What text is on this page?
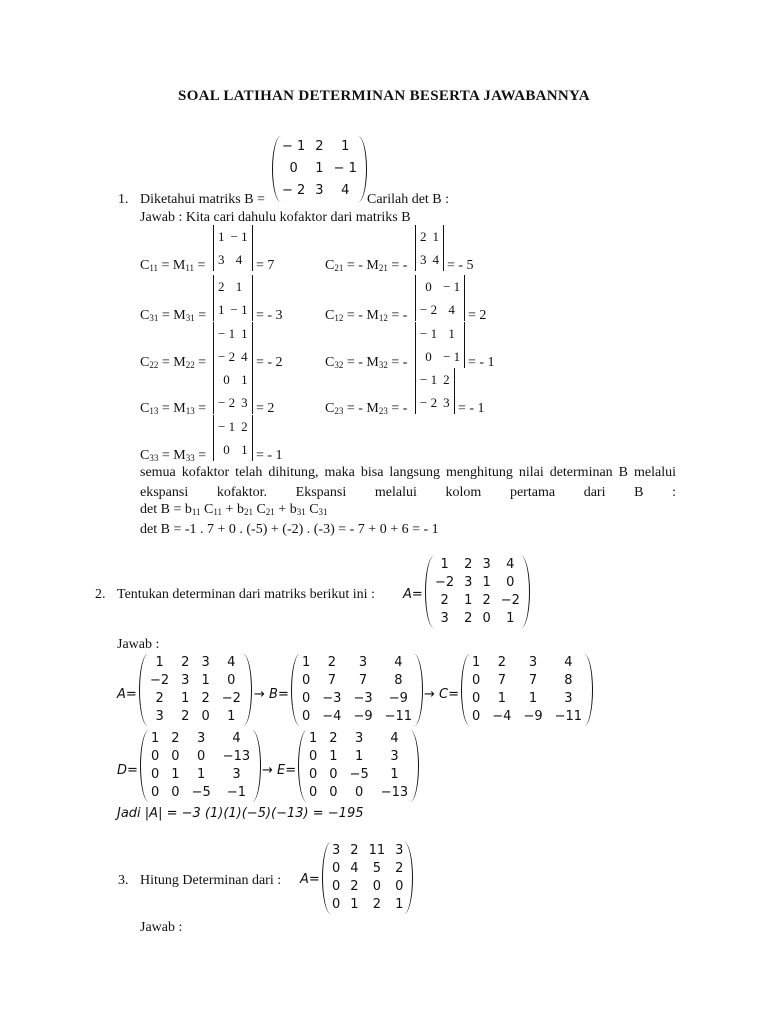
SOAL LATIHAN DETERMINAN BESERTA JAWABANNYA
1. Diketahui matriks B =
− 1	2	1
0	1	− 1
− 2	3	4
Carilah det B :
Jawab : Kita cari dahulu kofaktor dari matriks B
$C_{11} = M_{11}$ =
1	− 1
3	4 = 7	$C_{21}$ = - $M_{21}$ = -
2	1
3	4 = - 5
$C_{31} = M_{31}$ =
2	1
1	− 1 = - 3	$C_{12}$ = - $M_{12}$ = -
0	− 1
− 2	4 = 2
$C_{22} = M_{22}$ =
− 1	1
− 2	4 = - 2	$C_{32}$ = - $M_{32}$ = -
− 1	1
0	− 1 = - 1
$C_{13} = M_{13}$ =
0	1
− 2	3 = 2	$C_{23}$ = - $M_{23}$ = -
− 1	2
− 2	3 = - 1
$C_{33} = M_{33}$ =
− 1	2
0	1 = - 1
semua kofaktor telah dihitung, maka bisa langsung menghitung nilai determinan B melalui ekspansi kofaktor. Ekspansi melalui kolom pertama dari B :
$\det B = b_{11}$ $C_{11} + b_{21}$ $C_{21} + b_{31}$ $C_{31}$
det B = -1 . 7 + 0 . (-5) + (-2) . (-3) = - 7 + 0 + 6 = - 1
2. Tentukan determinan dari matriks berikut ini : A=
1	2	3	4
−2	3	1	0
2	1	2	−2
3	2	0	1
Jawab :
A=
1	2	3	4
−2	3	1	0
2	1	2	−2
3	2	0	1
→ B=
1	2	3	4
0	7	7	8
0	−3	−3	−9
0	−4	−9	−11
→ C=
1	2	3	4
0	7	7	8
0	1	1	3
0	−4	−9	−11
D=
1	2	3	4
0	0	0	−13
0	1	1	3
0	0	−5	−1
→ E=
1	2	3	4
0	1	1	3
0	0	−5	1
0	0	0	−13
Jadi |A| = −3 (1)(1)(−5)(−13) = −195
3. Hitung Determinan dari : A=
3	2	11	3
0	4	5	2
0	2	0	0
0	1	2	1
Jawab :
